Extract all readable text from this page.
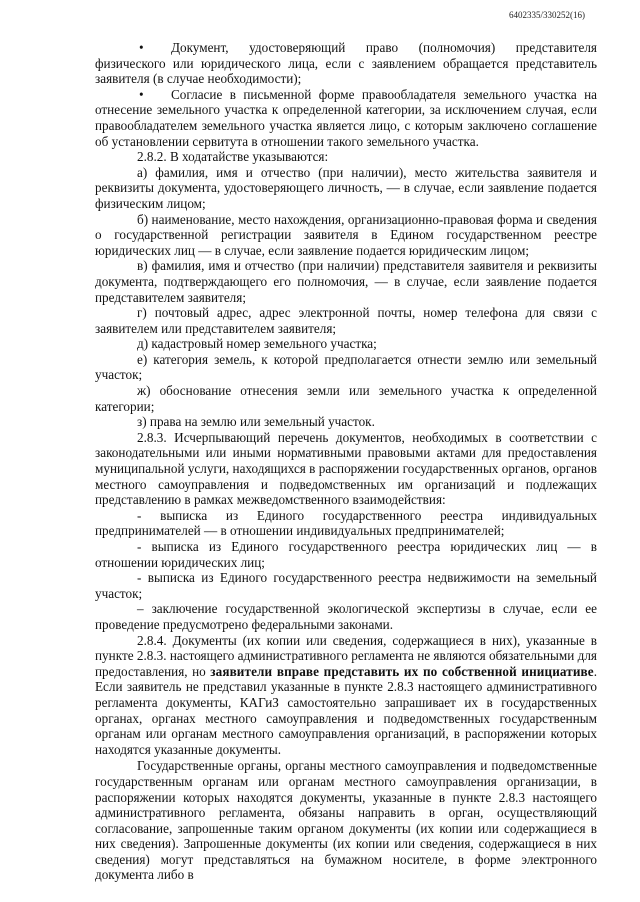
6402335/330252(16)

• Документ, удостоверяющий право (полномочия) представителя физического или юридического лица, если с заявлением обращается представитель заявителя (в случае необходимости);

• Согласие в письменной форме правообладателя земельного участка на отнесение земельного участка к определенной категории, за исключением случая, если правообладателем земельного участка является лицо, с которым заключено соглашение об установлении сервитута в отношении такого земельного участка.

2.8.2. В ходатайстве указываются:

а) фамилия, имя и отчество (при наличии), место жительства заявителя и реквизиты документа, удостоверяющего личность, — в случае, если заявление подается физическим лицом;

б) наименование, место нахождения, организационно-правовая форма и сведения о государственной регистрации заявителя в Едином государственном реестре юридических лиц — в случае, если заявление подается юридическим лицом;

в) фамилия, имя и отчество (при наличии) представителя заявителя и реквизиты документа, подтверждающего его полномочия, — в случае, если заявление подается представителем заявителя;

г) почтовый адрес, адрес электронной почты, номер телефона для связи с заявителем или представителем заявителя;

д) кадастровый номер земельного участка;

е) категория земель, к которой предполагается отнести землю или земельный участок;

ж) обоснование отнесения земли или земельного участка к определенной категории;

з) права на землю или земельный участок.

2.8.3. Исчерпывающий перечень документов, необходимых в соответствии с законодательными или иными нормативными правовыми актами для предоставления муниципальной услуги, находящихся в распоряжении государственных органов, органов местного самоуправления и подведомственных им организаций и подлежащих представлению в рамках межведомственного взаимодействия:

- выписка из Единого государственного реестра индивидуальных предпринимателей — в отношении индивидуальных предпринимателей;

- выписка из Единого государственного реестра юридических лиц — в отношении юридических лиц;

- выписка из Единого государственного реестра недвижимости на земельный участок;

– заключение государственной экологической экспертизы в случае, если ее проведение предусмотрено федеральными законами.

2.8.4. Документы (их копии или сведения, содержащиеся в них), указанные в пункте 2.8.3. настоящего административного регламента не являются обязательными для предоставления, но заявители вправе представить их по собственной инициативе. Если заявитель не представил указанные в пункте 2.8.3 настоящего административного регламента документы, КАГиЗ самостоятельно запрашивает их в государственных органах, органах местного самоуправления и подведомственных государственным органам или органам местного самоуправления организаций, в распоряжении которых находятся указанные документы.

Государственные органы, органы местного самоуправления и подведомственные государственным органам или органам местного самоуправления организации, в распоряжении которых находятся документы, указанные в пункте 2.8.3 настоящего административного регламента, обязаны направить в орган, осуществляющий согласование, запрошенные таким органом документы (их копии или содержащиеся в них сведения). Запрошенные документы (их копии или сведения, содержащиеся в них сведения) могут представляться на бумажном носителе, в форме электронного документа либо в
